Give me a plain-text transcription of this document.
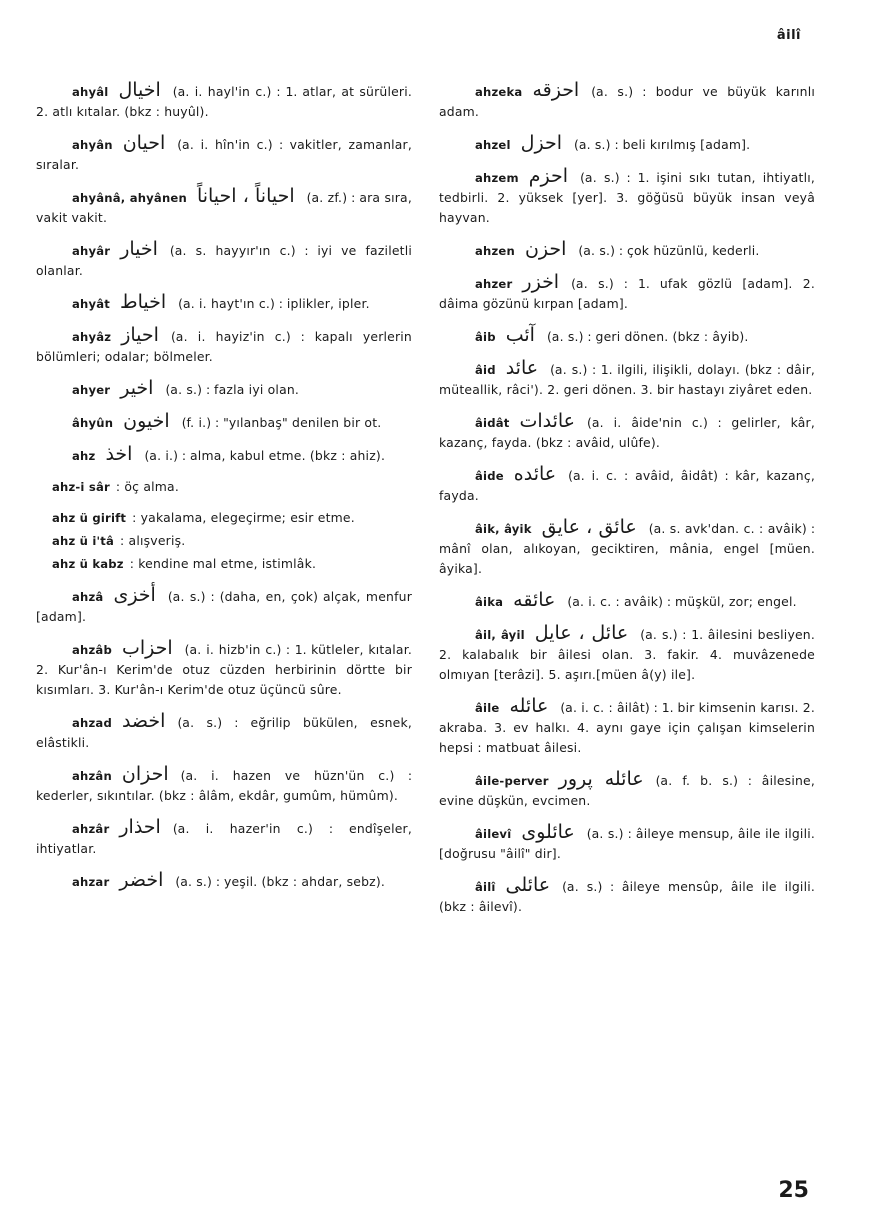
âilî
ahyâl اخيال (a. i. hayl'in c.) : 1. atlar, at sürüleri. 2. atlı kıtalar. (bkz : huyûl).
ahyân احيان (a. i. hîn'in c.) : vakitler, zamanlar, sıralar.
ahyânâ, ahyânen احياناً ، احياناً (a. zf.) : ara sıra, vakit vakit.
ahyâr اخيار (a. s. hayyır'ın c.) : iyi ve faziletli olanlar.
ahyât اخياط (a. i. hayt'ın c.) : iplikler, ipler.
ahyâz احياز (a. i. hayiz'in c.) : kapalı yerlerin bölümleri; odalar; bölmeler.
ahyer اخير (a. s.) : fazla iyi olan.
âhyûn اخيون (f. i.) : "yılanbaş" denilen bir ot.
ahz اخذ (a. i.) : alma, kabul etme. (bkz : ahiz).
ahz-i sâr : öç alma.
ahz ü girift : yakalama, elegeçirme; esir etme.
ahz ü i'tâ : alışveriş.
ahz ü kabz : kendine mal etme, istimlâk.
ahzâ أخزى (a. s.) : (daha, en, çok) alçak, menfur [adam].
ahzâb احزاب (a. i. hizb'in c.) : 1. kütleler, kıtalar. 2. Kur'ân-ı Kerim'de otuz cüzden herbirinin dörtte bir kısımları. 3. Kur'ân-ı Kerim'de otuz üçüncü sûre.
ahzad اخضد (a. s.) : eğrilip bükülen, esnek, elâstikli.
ahzân احزان (a. i. hazen ve hüzn'ün c.) : kederler, sıkıntılar. (bkz : âlâm, ekdâr, gumûm, hümûm).
ahzâr احذار (a. i. hazer'in c.) : endîşeler, ihtiyatlar.
ahzar اخضر (a. s.) : yeşil. (bkz : ahdar, sebz).
ahzeka احزقه (a. s.) : bodur ve büyük karınlı adam.
ahzel احزل (a. s.) : beli kırılmış [adam].
ahzem احزم (a. s.) : 1. işini sıkı tutan, ihtiyatlı, tedbirli. 2. yüksek [yer]. 3. göğüsü büyük insan veyâ hayvan.
ahzen احزن (a. s.) : çok hüzünlü, kederli.
ahzer اخزر (a. s.) : 1. ufak gözlü [adam]. 2. dâima gözünü kırpan [adam].
âib آئب (a. s.) : geri dönen. (bkz : âyib).
âid عائد (a. s.) : 1. ilgili, ilişikli, dolayı. (bkz : dâir, müteallik, râci'). 2. geri dönen. 3. bir hastayı ziyâret eden.
âidât عائدات (a. i. âide'nin c.) : gelirler, kâr, kazanç, fayda. (bkz : avâid, ulûfe).
âide عائده (a. i. c. : avâid, âidât) : kâr, kazanç, fayda.
âik, âyik عائق ، عايق (a. s. avk'dan. c. : avâik) : mânî olan, alıkoyan, geciktiren, mânia, engel [müen. âyika].
âika عائقه (a. i. c. : avâik) : müşkül, zor; engel.
âil, âyil عائل ، عايل (a. s.) : 1. âilesini besliyen. 2. kalabalık bir âilesi olan. 3. fakir. 4. muvâzenede olmıyan [terâzi]. 5. aşırı.[müen â(y) ile].
âile عائله (a. i. c. : âilât) : 1. bir kimsenin karısı. 2. akraba. 3. ev halkı. 4. aynı gaye için çalışan kimselerin hepsi : matbuat âilesi.
âile-perver عائله پرور (a. f. b. s.) : âilesine, evine düşkün, evcimen.
âilevî عائلوی (a. s.) : âileye mensup, âile ile ilgili. [doğrusu "âilî" dir].
âilî عائلی (a. s.) : âileye mensûp, âile ile ilgili. (bkz : âilevî).
25
